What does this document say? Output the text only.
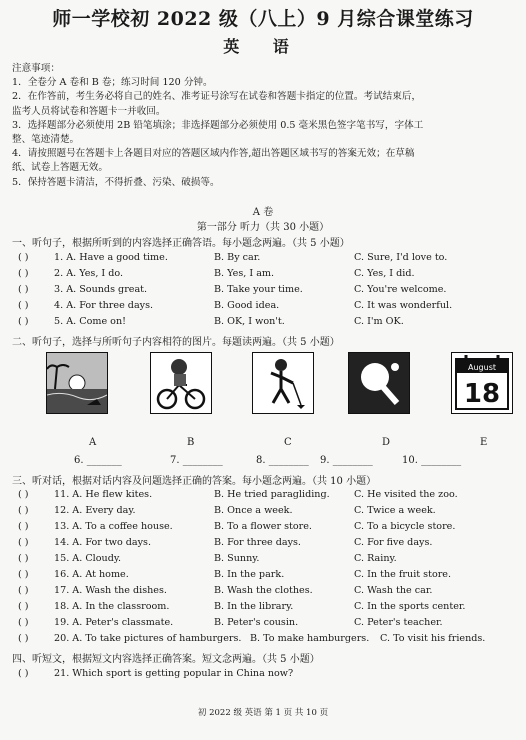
师一学校初 2022 级（八上）9 月综合课堂练习
英 语
注意事项：
1．全卷分 A 卷和 B 卷；练习时间 120 分钟。
2．在作答前，考生务必将自己的姓名、准考证号涂写在试卷和答题卡指定的位置。考试结束后，
监考人员将试卷和答题卡一并收回。
3．选择题部分必须使用 2B 铅笔填涂；非选择题部分必须使用 0.5 毫米黑色签字笔书写，字体工
整、笔迹清楚。
4．请按照题号在答题卡上各题目对应的答题区域内作答,超出答题区域书写的答案无效；在草稿
纸、试卷上答题无效。
5．保持答题卡清洁，不得折叠、污染、破损等。
A 卷
第一部分 听力（共 30 小题）
一、听句子，根据所听到的内容选择正确答语。每小题念两遍。（共 5 小题）
( )	1. A. Have a good time.	B. By car.	C. Sure, I'd love to.
( )	2. A. Yes, I do.	B. Yes, I am.	C. Yes, I did.
( )	3. A. Sounds great.	B. Take your time.	C. You're welcome.
( )	4. A. For three days.	B. Good idea.	C. It was wonderful.
( )	5. A. Come on!	B. OK, I won't.	C. I'm OK.
二、听句子，选择与所听句子内容相符的图片。每题读两遍。（共 5 小题）
August
18
A	B	C	D	E
6. _______	7. ________	8. ________ 9. ________	10. ________
三、听对话，根据对话内容及问题选择正确的答案。每小题念两遍。（共 10 小题）
( )	11. A. He flew kites.	B. He tried paragliding.	C. He visited the zoo.
( )	12. A. Every day.	B. Once a week.	C. Twice a week.
( )	13. A. To a coffee house.	B. To a flower store.	C. To a bicycle store.
( )	14. A. For two days.	B. For three days.	C. For five days.
( )	15. A. Cloudy.	B. Sunny.	C. Rainy.
( )	16. A. At home.	B. In the park.	C. In the fruit store.
( )	17. A. Wash the dishes.	B. Wash the clothes.	C. Wash the car.
( )	18. A. In the classroom.	B. In the library.	C. In the sports center.
( )	19. A. Peter's classmate.	B. Peter's cousin.	C. Peter's teacher.
( )	20. A. To take pictures of hamburgers. B. To make hamburgers. C. To visit his friends.
四、听短文，根据短文内容选择正确答案。短文念两遍。（共 5 小题）
( )	21. Which sport is getting popular in China now?
初 2022 级 英语 第 1 页 共 10 页
